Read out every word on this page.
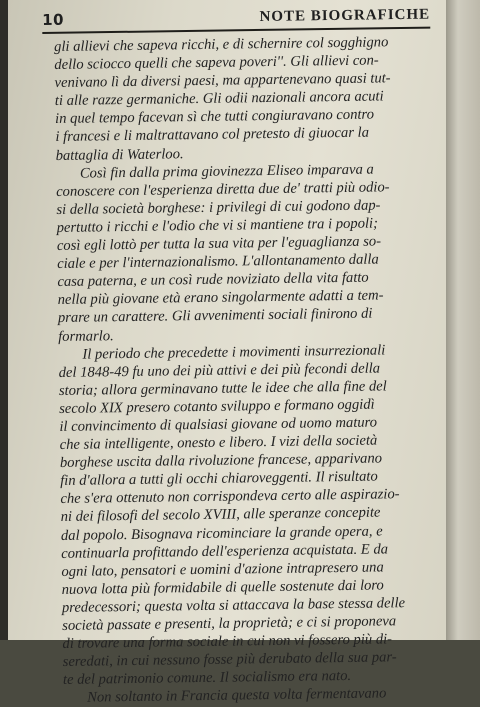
10	NOTE BIOGRAFICHE
gli allievi che sapeva ricchi, e di schernire col sogghigno
dello sciocco quelli che sapeva poveri''. Gli allievi con-
venivano lì da diversi paesi, ma appartenevano quasi tut-
ti alle razze germaniche. Gli odii nazionali ancora acuti
in quel tempo facevan sì che tutti congiuravano contro
i francesi e li maltrattavano col pretesto di giuocar la
battaglia di Waterloo.
Così fin dalla prima giovinezza Eliseo imparava a
conoscere con l'esperienza diretta due de' tratti più odio-
si della società borghese: i privilegi di cui godono dap-
pertutto i ricchi e l'odio che vi si mantiene tra i popoli;
così egli lottò per tutta la sua vita per l'eguaglianza so-
ciale e per l'internazionalismo. L'allontanamento dalla
casa paterna, e un così rude noviziato della vita fatto
nella più giovane età erano singolarmente adatti a tem-
prare un carattere. Gli avvenimenti sociali finirono di
formarlo.
Il periodo che precedette i movimenti insurrezionali
del 1848-49 fu uno dei più attivi e dei più fecondi della
storia; allora germinavano tutte le idee che alla fine del
secolo XIX presero cotanto sviluppo e formano oggidì
il convincimento di qualsiasi giovane od uomo maturo
che sia intelligente, onesto e libero. I vizi della società
borghese uscita dalla rivoluzione francese, apparivano
fin d'allora a tutti gli occhi chiaroveggenti. Il risultato
che s'era ottenuto non corrispondeva certo alle aspirazio-
ni dei filosofi del secolo XVIII, alle speranze concepite
dal popolo. Bisognava ricominciare la grande opera, e
continuarla profittando dell'esperienza acquistata. E da
ogni lato, pensatori e uomini d'azione intrapresero una
nuova lotta più formidabile di quelle sostenute dai loro
predecessori; questa volta si attaccava la base stessa delle
società passate e presenti, la proprietà; e ci si proponeva
di trovare una forma sociale in cui non vi fossero più di-
seredati, in cui nessuno fosse più derubato della sua par-
te del patrimonio comune. Il socialismo era nato.
Non soltanto in Francia questa volta fermentavano
